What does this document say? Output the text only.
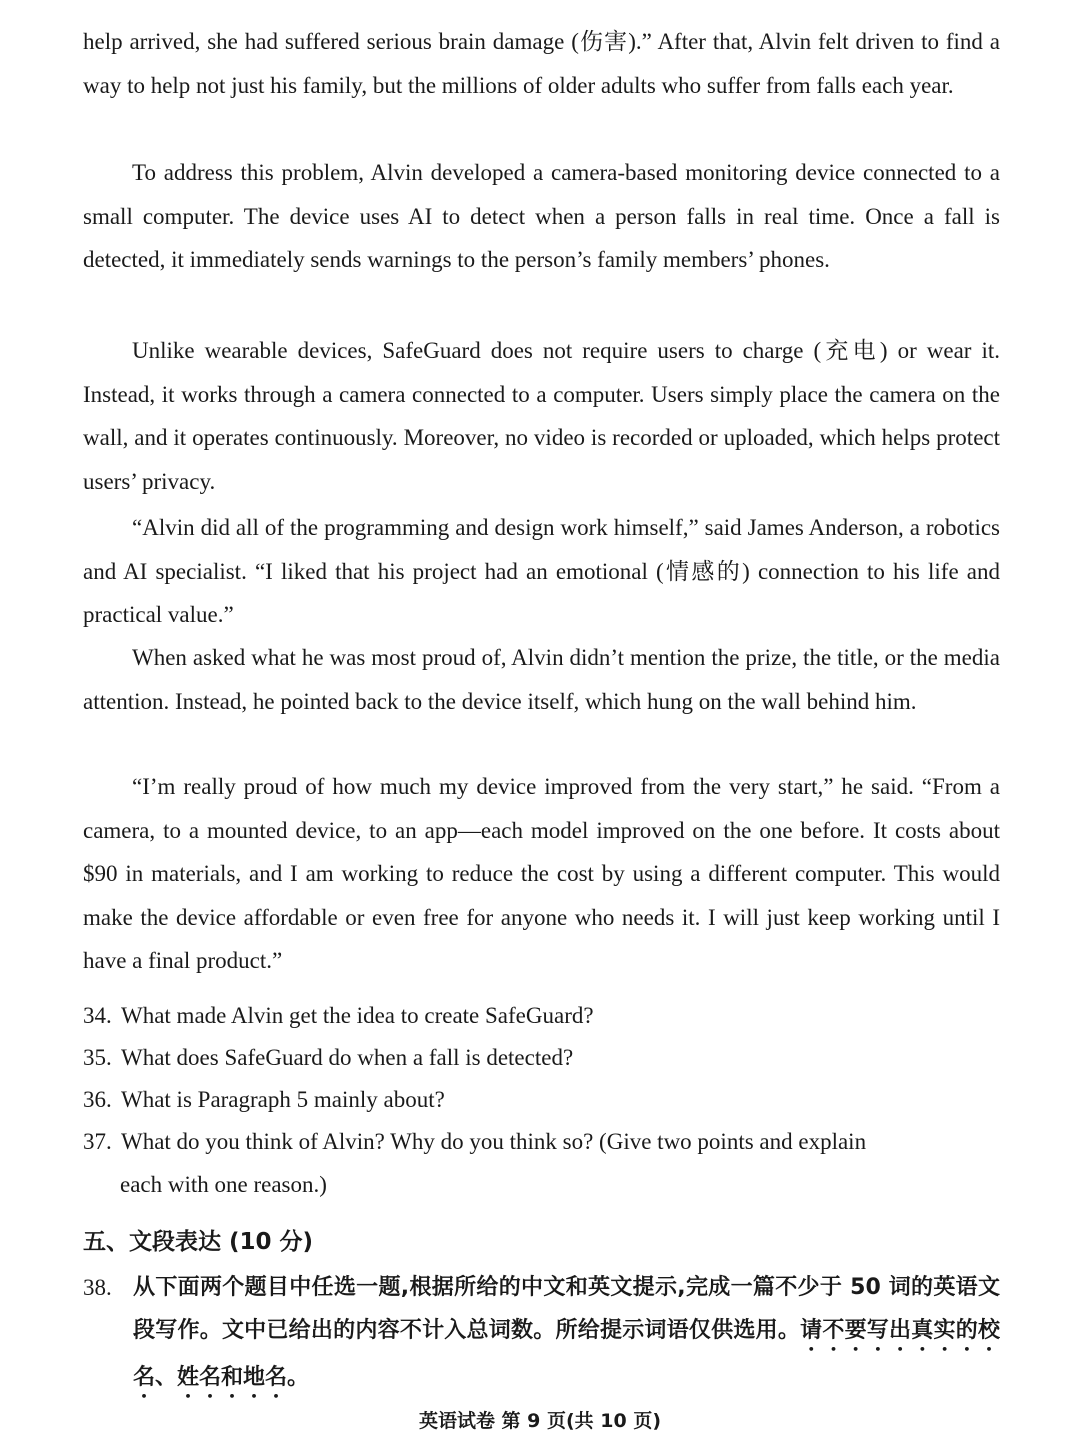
help arrived, she had suffered serious brain damage (伤害).” After that, Alvin felt driven to find a way to help not just his family, but the millions of older adults who suffer from falls each year.
To address this problem, Alvin developed a camera-based monitoring device connected to a small computer. The device uses AI to detect when a person falls in real time. Once a fall is detected, it immediately sends warnings to the person’s family members’ phones.
Unlike wearable devices, SafeGuard does not require users to charge (充电) or wear it. Instead, it works through a camera connected to a computer. Users simply place the camera on the wall, and it operates continuously. Moreover, no video is recorded or uploaded, which helps protect users’ privacy.
“Alvin did all of the programming and design work himself,” said James Anderson, a robotics and AI specialist. “I liked that his project had an emotional (情感的) connection to his life and practical value.”
When asked what he was most proud of, Alvin didn’t mention the prize, the title, or the media attention. Instead, he pointed back to the device itself, which hung on the wall behind him.
“I’m really proud of how much my device improved from the very start,” he said. “From a camera, to a mounted device, to an app—each model improved on the one before. It costs about $90 in materials, and I am working to reduce the cost by using a different computer. This would make the device affordable or even free for anyone who needs it. I will just keep working until I have a final product.”
34. What made Alvin get the idea to create SafeGuard?
35. What does SafeGuard do when a fall is detected?
36. What is Paragraph 5 mainly about?
37. What do you think of Alvin? Why do you think so? (Give two points and explain
each with one reason.)
五、文段表达 (10 分)
38. 从下面两个题目中任选一题,根据所给的中文和英文提示,完成一篇不少于 50 词的英语文段写作。文中已给出的内容不计入总词数。所给提示词语仅供选用。请不要写出真实的校名、姓名和地名。
英语试卷 第 9 页(共 10 页)
